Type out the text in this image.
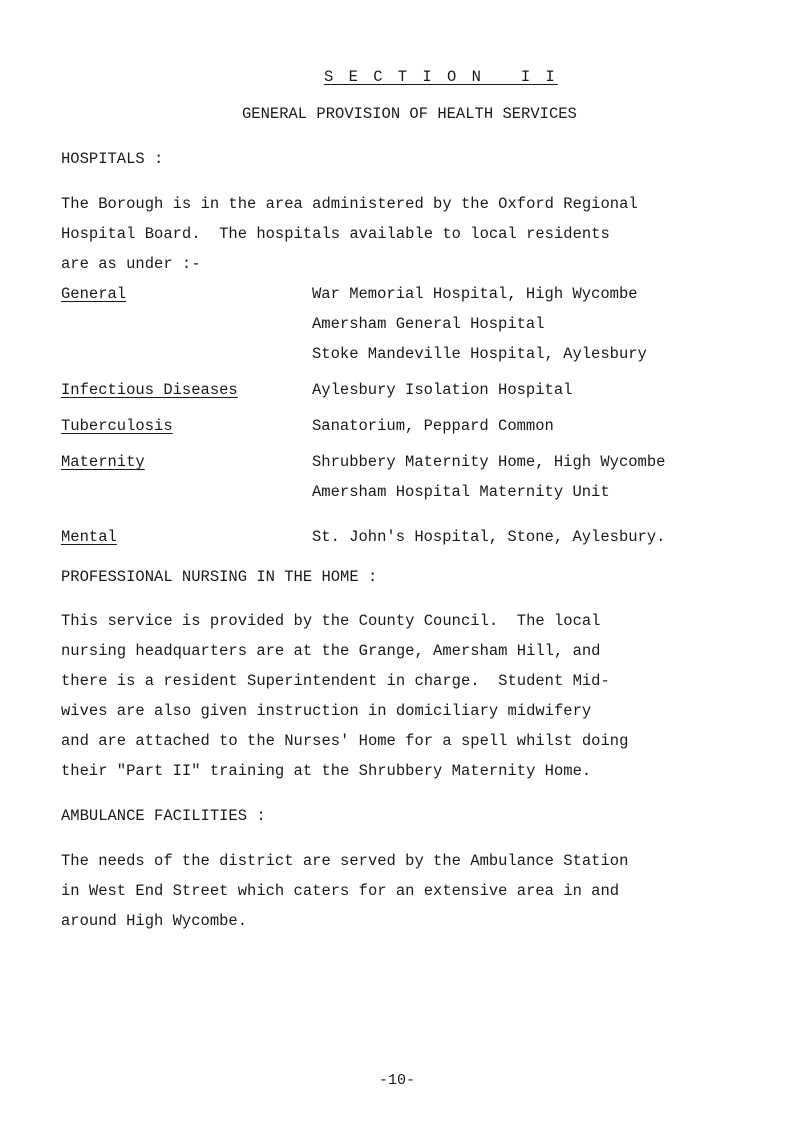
S E C T I O N   I I
GENERAL PROVISION OF HEALTH SERVICES
HOSPITALS :
The Borough is in the area administered by the Oxford Regional
Hospital Board.  The hospitals available to local residents
are as under :-
General	War Memorial Hospital, High Wycombe
Amersham General Hospital
Stoke Mandeville Hospital, Aylesbury
Infectious Diseases	Aylesbury Isolation Hospital
Tuberculosis	Sanatorium, Peppard Common
Maternity	Shrubbery Maternity Home, High Wycombe
Amersham Hospital Maternity Unit
Mental	St. John's Hospital, Stone, Aylesbury.
PROFESSIONAL NURSING IN THE HOME :
This service is provided by the County Council.  The local
nursing headquarters are at the Grange, Amersham Hill, and
there is a resident Superintendent in charge.  Student Mid-
wives are also given instruction in domiciliary midwifery
and are attached to the Nurses' Home for a spell whilst doing
their "Part II" training at the Shrubbery Maternity Home.
AMBULANCE FACILITIES :
The needs of the district are served by the Ambulance Station
in West End Street which caters for an extensive area in and
around High Wycombe.
-10-
